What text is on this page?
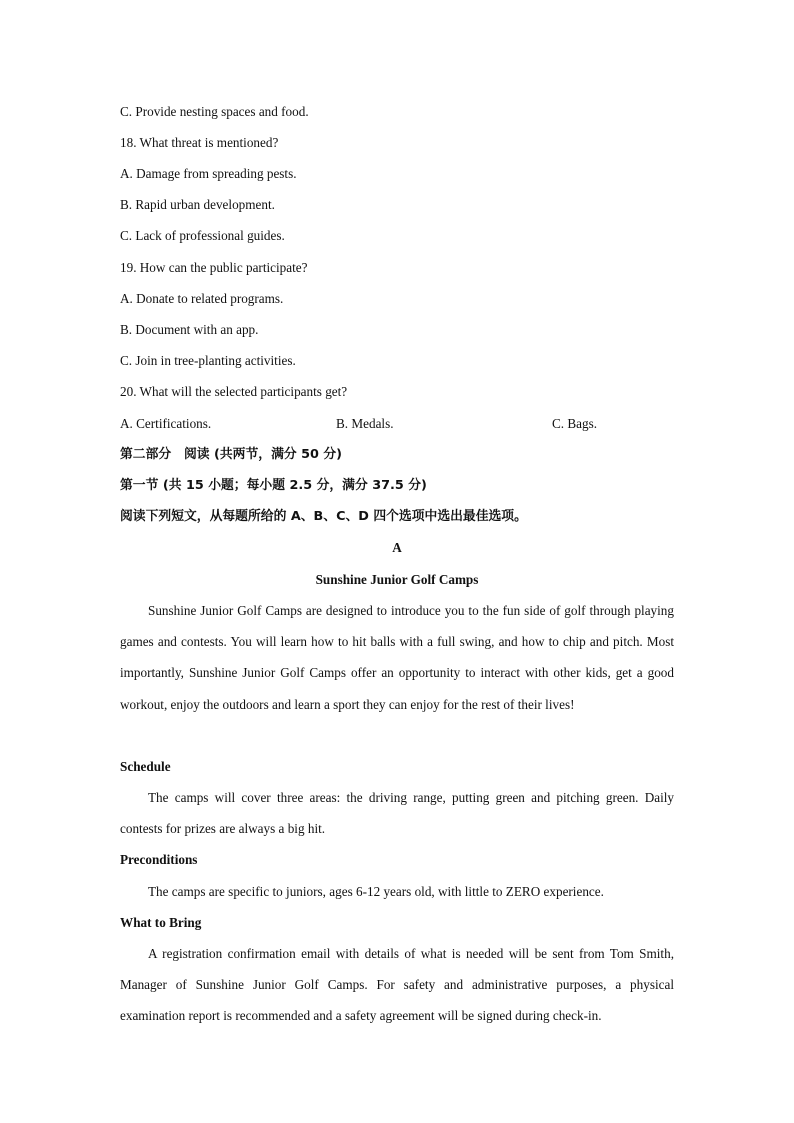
C. Provide nesting spaces and food.
18. What threat is mentioned?
A. Damage from spreading pests.
B. Rapid urban development.
C. Lack of professional guides.
19. How can the public participate?
A. Donate to related programs.
B. Document with an app.
C. Join in tree-planting activities.
20. What will the selected participants get?
A. Certifications.	B. Medals.	C. Bags.
第二部分　阅读 (共两节，满分 50 分)
第一节 (共 15 小题；每小题 2.5 分，满分 37.5 分)
阅读下列短文，从每题所给的 A、B、C、D 四个选项中选出最佳选项。
A
Sunshine Junior Golf Camps
Sunshine Junior Golf Camps are designed to introduce you to the fun side of golf through playing games and contests. You will learn how to hit balls with a full swing, and how to chip and pitch. Most importantly, Sunshine Junior Golf Camps offer an opportunity to interact with other kids, get a good workout, enjoy the outdoors and learn a sport they can enjoy for the rest of their lives!
Schedule
The camps will cover three areas: the driving range, putting green and pitching green. Daily contests for prizes are always a big hit.
Preconditions
The camps are specific to juniors, ages 6-12 years old, with little to ZERO experience.
What to Bring
A registration confirmation email with details of what is needed will be sent from Tom Smith, Manager of Sunshine Junior Golf Camps. For safety and administrative purposes, a physical examination report is recommended and a safety agreement will be signed during check-in.
